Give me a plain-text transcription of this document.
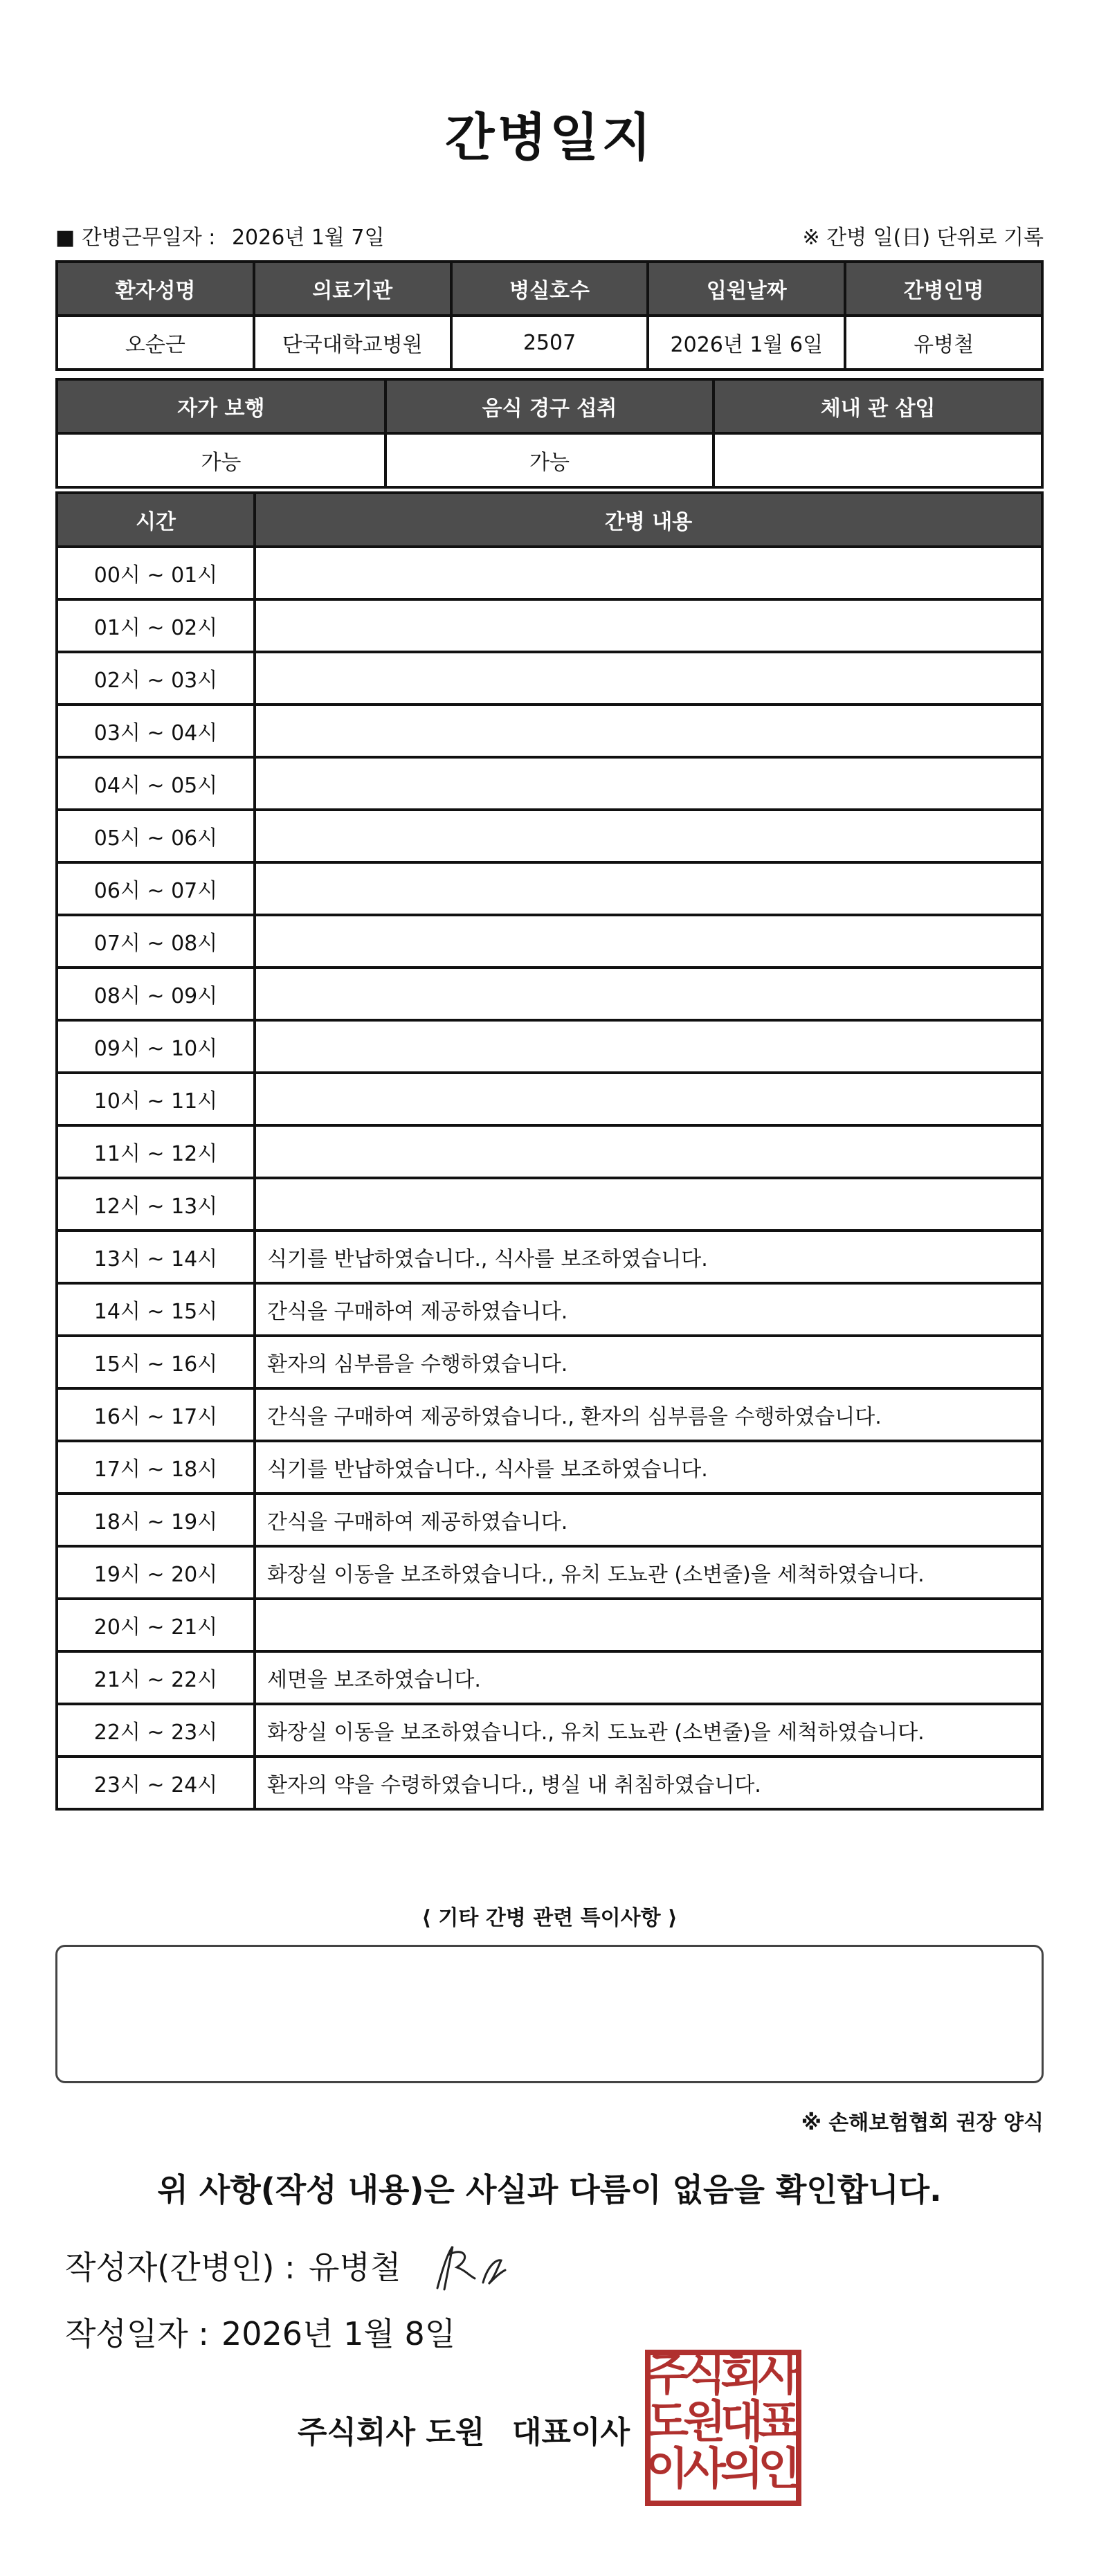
간병일지
■ 간병근무일자 : 2026년 1월 7일	※ 간병 일(日) 단위로 기록
환자성명	의료기관	병실호수	입원날짜	간병인명
오순근	단국대학교병원	2507	2026년 1월 6일	유병철
자가 보행	음식 경구 섭취	체내 관 삽입
가능	가능	
시간	간병 내용
00시 ~ 01시	
01시 ~ 02시	
02시 ~ 03시	
03시 ~ 04시	
04시 ~ 05시	
05시 ~ 06시	
06시 ~ 07시	
07시 ~ 08시	
08시 ~ 09시	
09시 ~ 10시	
10시 ~ 11시	
11시 ~ 12시	
12시 ~ 13시	
13시 ~ 14시	식기를 반납하였습니다., 식사를 보조하였습니다.
14시 ~ 15시	간식을 구매하여 제공하였습니다.
15시 ~ 16시	환자의 심부름을 수행하였습니다.
16시 ~ 17시	간식을 구매하여 제공하였습니다., 환자의 심부름을 수행하였습니다.
17시 ~ 18시	식기를 반납하였습니다., 식사를 보조하였습니다.
18시 ~ 19시	간식을 구매하여 제공하였습니다.
19시 ~ 20시	화장실 이동을 보조하였습니다., 유치 도뇨관 (소변줄)을 세척하였습니다.
20시 ~ 21시	
21시 ~ 22시	세면을 보조하였습니다.
22시 ~ 23시	화장실 이동을 보조하였습니다., 유치 도뇨관 (소변줄)을 세척하였습니다.
23시 ~ 24시	환자의 약을 수령하였습니다., 병실 내 취침하였습니다.
⟨ 기타 간병 관련 특이사항 ⟩
※ 손해보험협회 권장 양식
위 사항(작성 내용)은 사실과 다름이 없음을 확인합니다.
작성자(간병인) : 유병철
작성일자 : 2026년 1월 8일
주식회사 도원 대표이사
주
식
회
사
도
원
대
표
이
사
의
인
